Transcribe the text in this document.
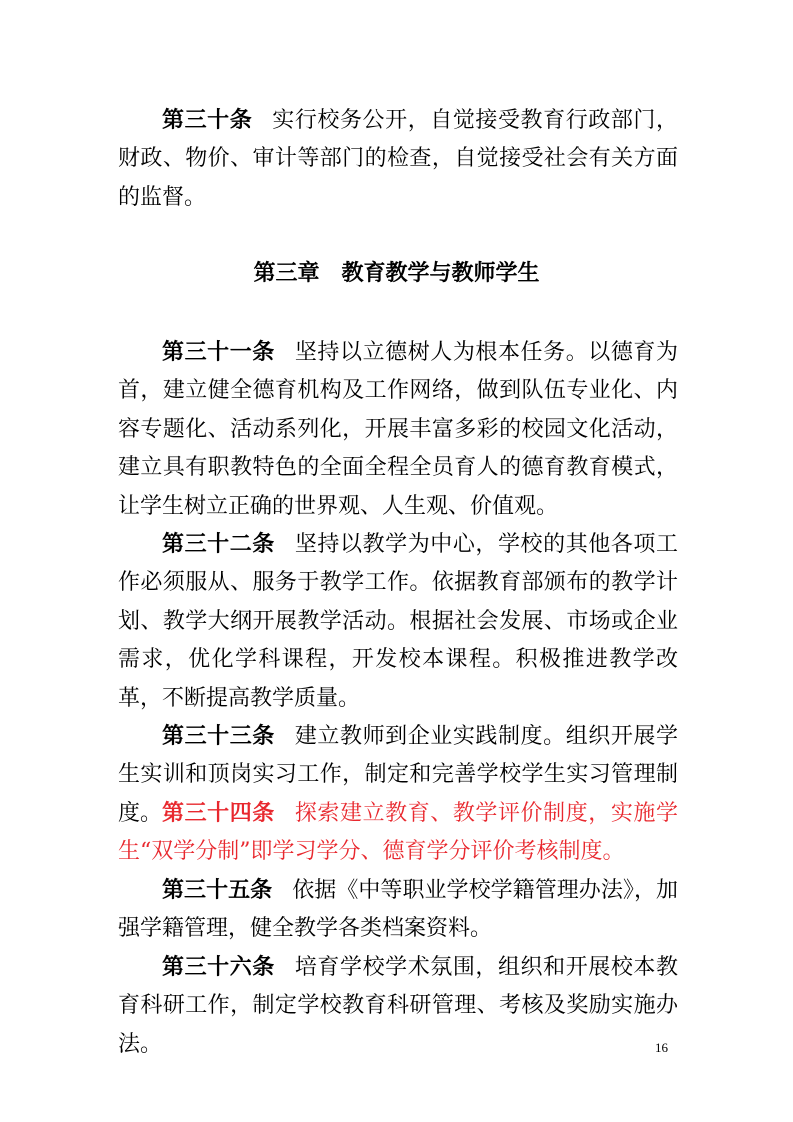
第三十条 实行校务公开，自觉接受教育行政部门，财政、物价、审计等部门的检查，自觉接受社会有关方面的监督。

第三章 教育教学与教师学生

第三十一条 坚持以立德树人为根本任务。以德育为首，建立健全德育机构及工作网络，做到队伍专业化、内容专题化、活动系列化，开展丰富多彩的校园文化活动，建立具有职教特色的全面全程全员育人的德育教育模式，让学生树立正确的世界观、人生观、价值观。

第三十二条 坚持以教学为中心，学校的其他各项工作必须服从、服务于教学工作。依据教育部颁布的教学计划、教学大纲开展教学活动。根据社会发展、市场或企业需求，优化学科课程，开发校本课程。积极推进教学改革，不断提高教学质量。

第三十三条 建立教师到企业实践制度。组织开展学生实训和顶岗实习工作，制定和完善学校学生实习管理制度。 第三十四条 探索建立教育、教学评价制度，实施学生“双学分制”即学习学分、德育学分评价考核制度。

第三十五条 依据《中等职业学校学籍管理办法》，加强学籍管理，健全教学各类档案资料。

第三十六条 培育学校学术氛围，组织和开展校本教育科研工作，制定学校教育科研管理、考核及奖励实施办法。	16
